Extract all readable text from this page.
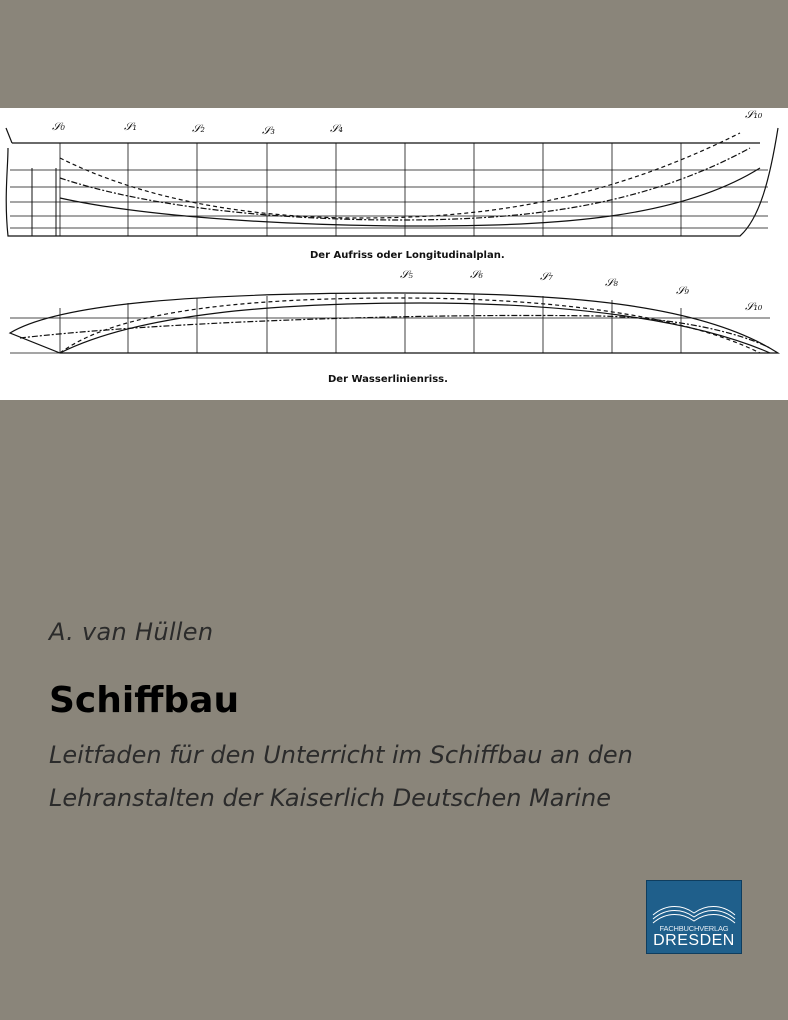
𝒮₀	𝒮₁	𝒮₂	𝒮₃	𝒮₄
𝒮₁₀
𝒮₅	𝒮₆	𝒮₇	𝒮₈
𝒮₉
𝒮₁₀
Der Aufriss oder Longitudinalplan.
Der Wasserlinienriss.
A. van Hüllen
Schiffbau
Leitfaden für den Unterricht im Schiffbau an den
Lehranstalten der Kaiserlich Deutschen Marine
FACHBUCHVERLAG
DRESDEN
